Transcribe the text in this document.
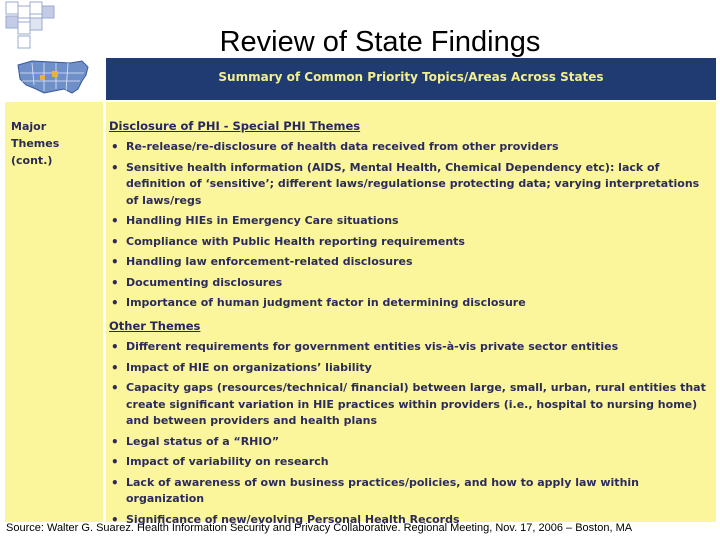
Review of State Findings
Summary of Common Priority Topics/Areas Across States
Major
Themes
(cont.)
Disclosure of PHI - Special PHI Themes
• Re-release/re-disclosure of health data received from other providers
• Sensitive health information (AIDS, Mental Health, Chemical Dependency etc): lack of definition of ‘sensitive’; different laws/regulationse protecting data; varying interpretations of laws/regs
• Handling HIEs in Emergency Care situations
• Compliance with Public Health reporting requirements
• Handling law enforcement-related disclosures
• Documenting disclosures
• Importance of human judgment factor in determining disclosure
Other Themes
• Different requirements for government entities vis-à-vis private sector entities
• Impact of HIE on organizations’ liability
• Capacity gaps (resources/technical/ financial) between large, small, urban, rural entities that create significant variation in HIE practices within providers (i.e., hospital to nursing home) and between providers and health plans
• Legal status of a “RHIO”
• Impact of variability on research
• Lack of awareness of own business practices/policies, and how to apply law within organization
• Significance of new/evolving Personal Health Records
Source: Walter G. Suarez. Health Information Security and Privacy Collaborative. Regional Meeting, Nov. 17, 2006 – Boston, MA
